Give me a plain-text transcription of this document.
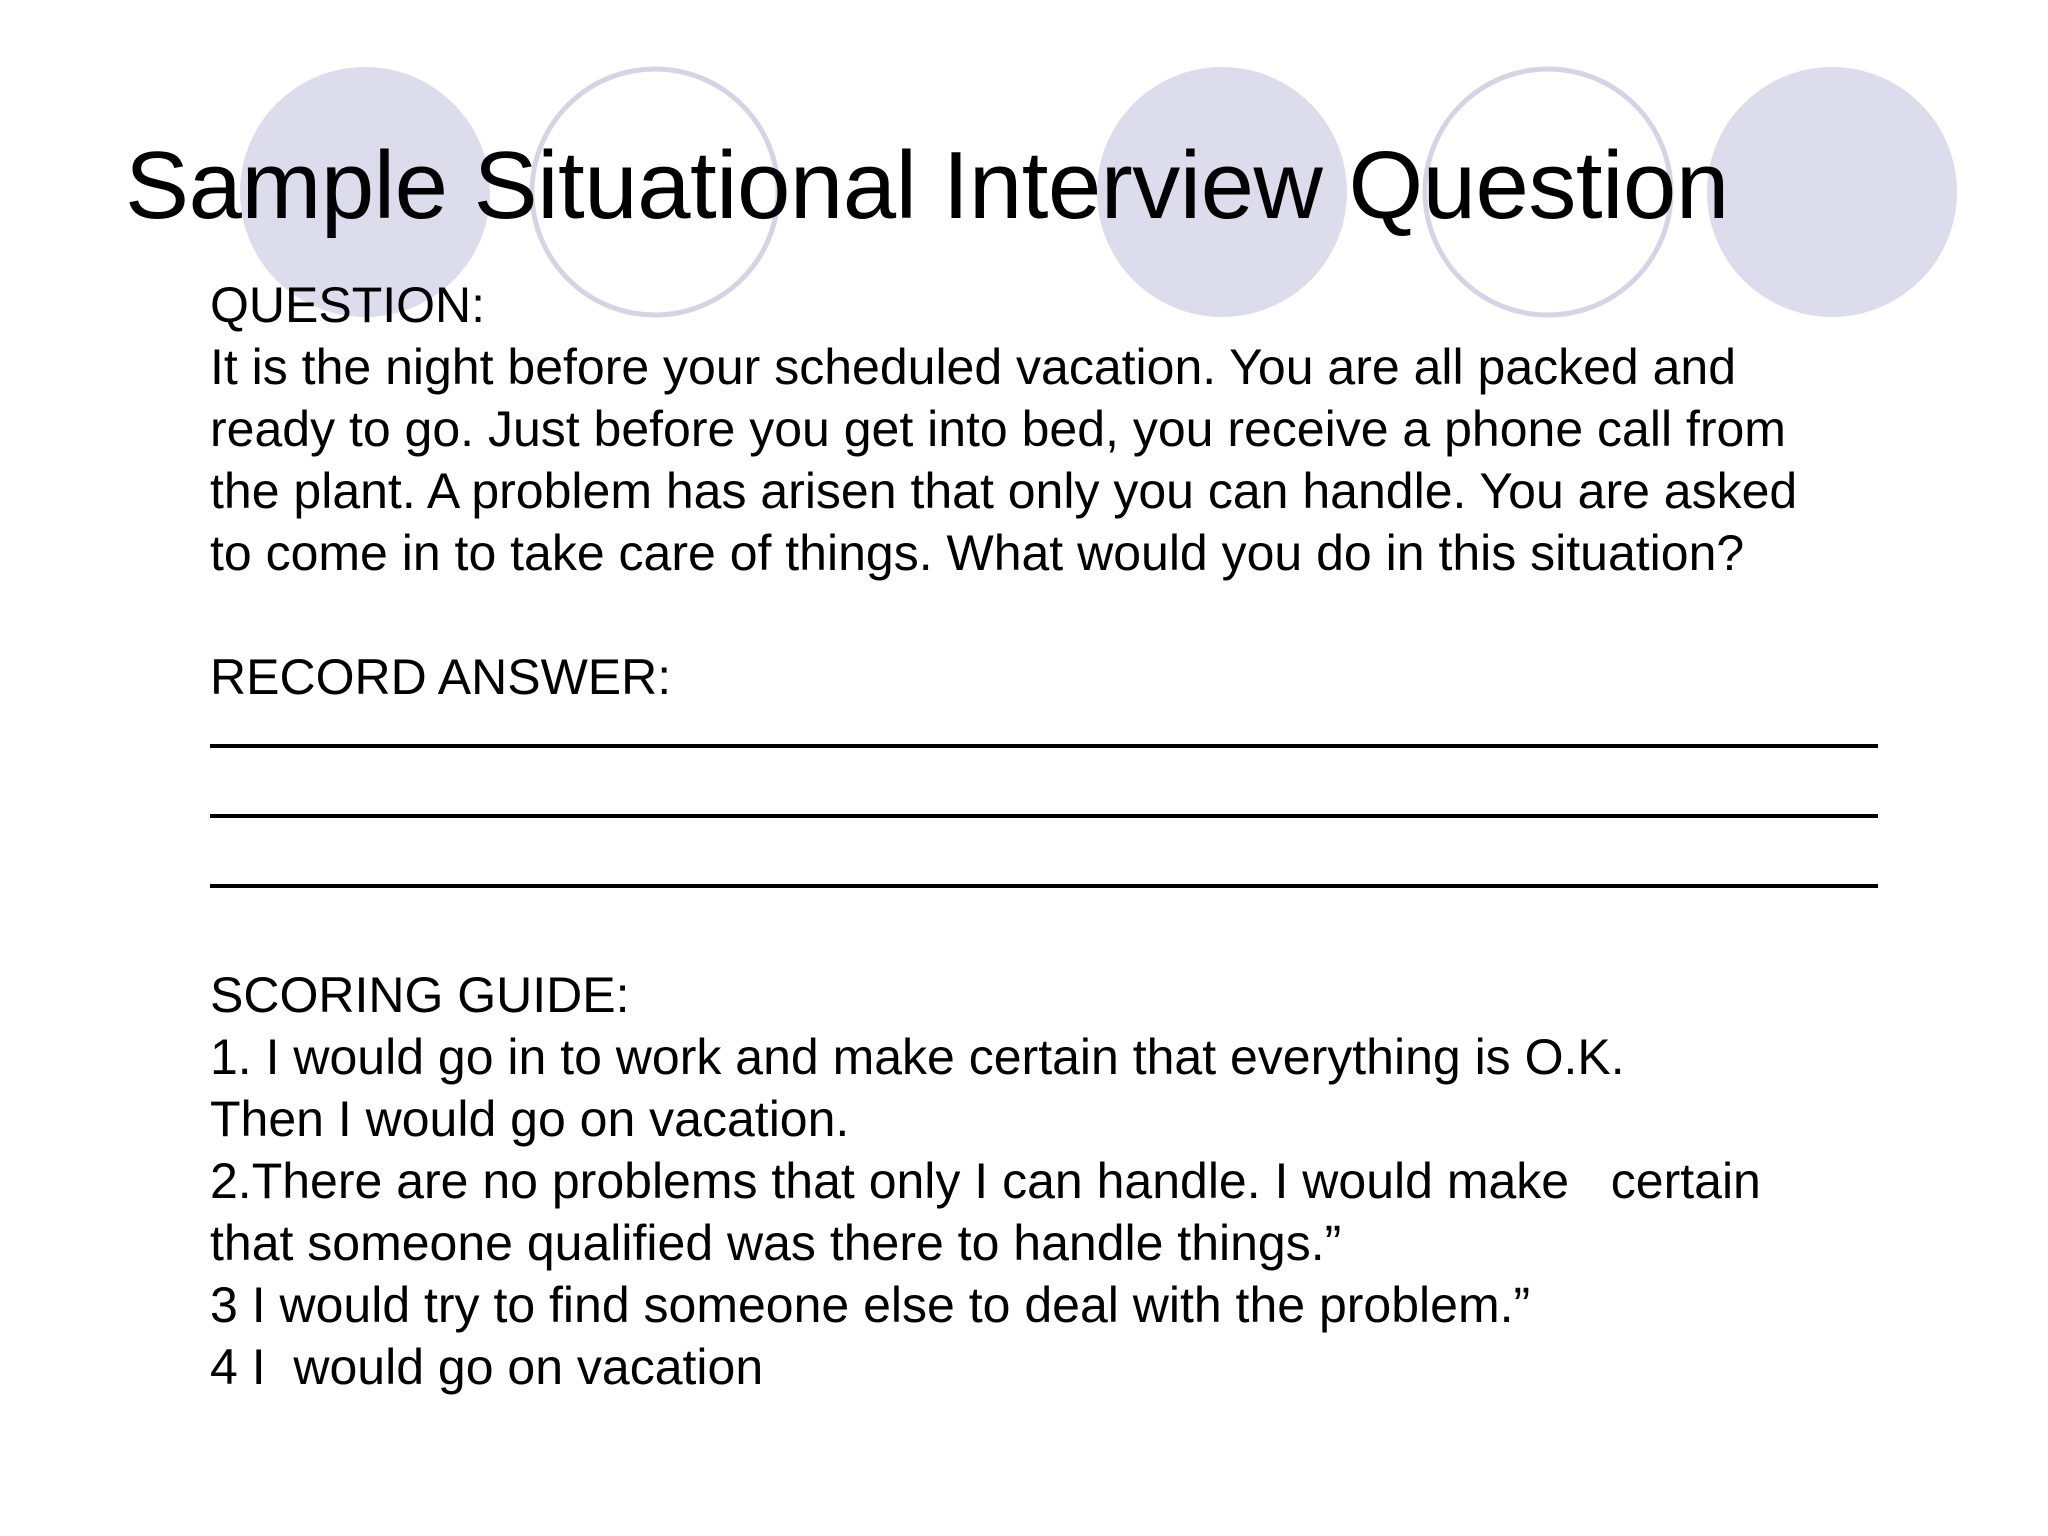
Sample Situational Interview Question

QUESTION:

It is the night before your scheduled vacation. You are all packed and

ready to go. Just before you get into bed, you receive a phone call from

the plant. A problem has arisen that only you can handle. You are asked

to come in to take care of things. What would you do in this situation?

RECORD ANSWER:

SCORING GUIDE:

1. I would go in to work and make certain that everything is O.K.

Then I would go on vacation.

2.There are no problems that only I can handle. I would make   certain

that someone qualified was there to handle things.”

3 I would try to find someone else to deal with the problem.”

4 I  would go on vacation
